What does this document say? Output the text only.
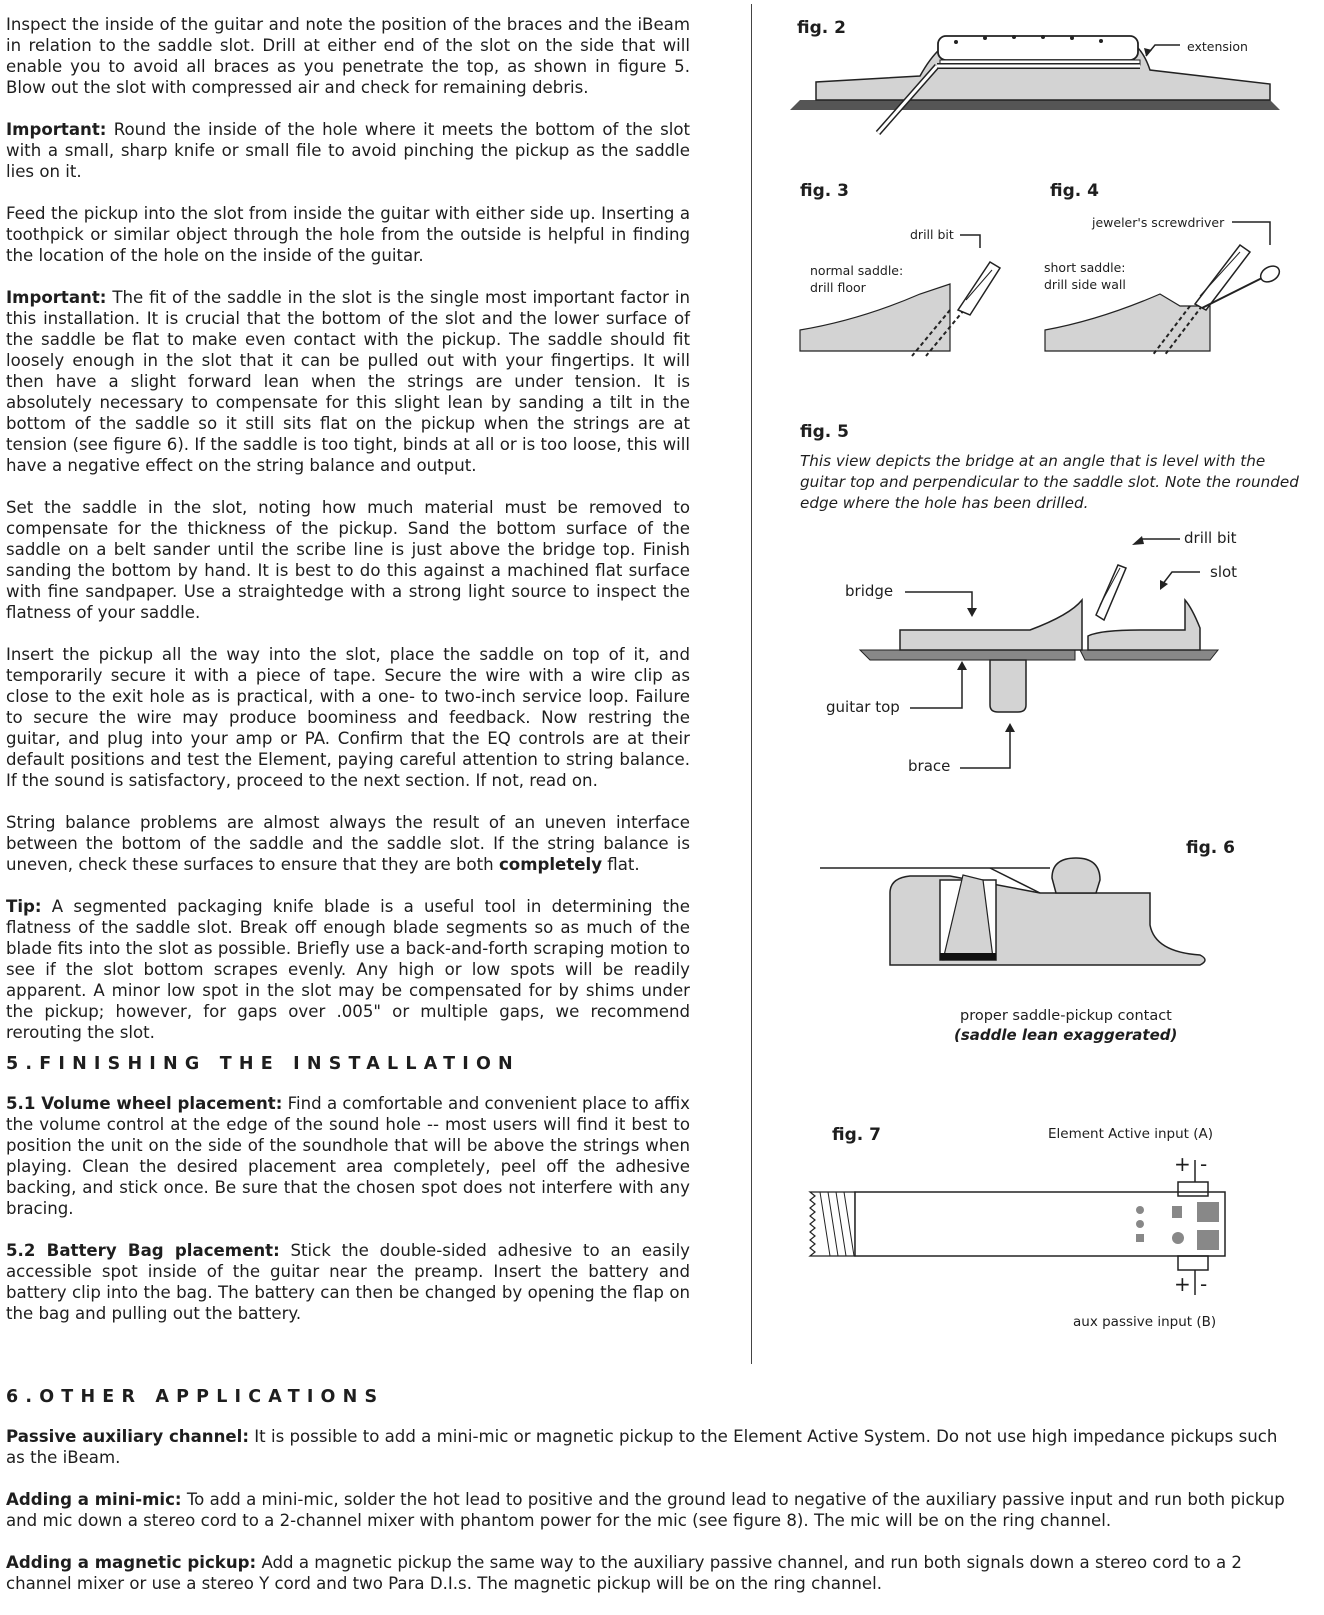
Inspect the inside of the guitar and note the position of the braces and the iBeam in relation to the saddle slot. Drill at either end of the slot on the side that will enable you to avoid all braces as you penetrate the top, as shown in figure 5. Blow out the slot with compressed air and check for remaining debris.

Important: Round the inside of the hole where it meets the bottom of the slot with a small, sharp knife or small file to avoid pinching the pickup as the saddle lies on it.

Feed the pickup into the slot from inside the guitar with either side up. Inserting a toothpick or similar object through the hole from the outside is helpful in finding the location of the hole on the inside of the guitar.

Important: The fit of the saddle in the slot is the single most important factor in this installation. It is crucial that the bottom of the slot and the lower surface of the saddle be flat to make even contact with the pickup. The saddle should fit loosely enough in the slot that it can be pulled out with your fingertips. It will then have a slight forward lean when the strings are under tension. It is absolutely necessary to compensate for this slight lean by sanding a tilt in the bottom of the saddle so it still sits flat on the pickup when the strings are at tension (see figure 6). If the saddle is too tight, binds at all or is too loose, this will have a negative effect on the string balance and output.

Set the saddle in the slot, noting how much material must be removed to compensate for the thickness of the pickup. Sand the bottom surface of the saddle on a belt sander until the scribe line is just above the bridge top. Finish sanding the bottom by hand. It is best to do this against a machined flat surface with fine sandpaper. Use a straightedge with a strong light source to inspect the flatness of your saddle.

Insert the pickup all the way into the slot, place the saddle on top of it, and temporarily secure it with a piece of tape. Secure the wire with a wire clip as close to the exit hole as is practical, with a one- to two-inch service loop. Failure to secure the wire may produce boominess and feedback. Now restring the guitar, and plug into your amp or PA. Confirm that the EQ controls are at their default positions and test the Element, paying careful attention to string balance. If the sound is satisfactory, proceed to the next section. If not, read on.

String balance problems are almost always the result of an uneven interface between the bottom of the saddle and the saddle slot. If the string balance is uneven, check these surfaces to ensure that they are both completely flat.

Tip: A segmented packaging knife blade is a useful tool in determining the flatness of the saddle slot. Break off enough blade segments so as much of the blade fits into the slot as possible. Briefly use a back-and-forth scraping motion to see if the slot bottom scrapes evenly. Any high or low spots will be readily apparent. A minor low spot in the slot may be compensated for by shims under the pickup; however, for gaps over .005" or multiple gaps, we recommend rerouting the slot.

5.FINISHING THE INSTALLATION

5.1 Volume wheel placement: Find a comfortable and convenient place to affix the volume control at the edge of the sound hole -- most users will find it best to position the unit on the side of the soundhole that will be above the strings when playing. Clean the desired placement area completely, peel off the adhesive backing, and stick once. Be sure that the chosen spot does not interfere with any bracing.

5.2 Battery Bag placement: Stick the double-sided adhesive to an easily accessible spot inside of the guitar near the preamp. Insert the battery and battery clip into the bag. The battery can then be changed by opening the flap on the bag and pulling out the battery.

fig. 2
extension
fig. 3
drill bit
normal saddle:
drill floor
fig. 4
jeweler's screwdriver
short saddle:
drill side wall
fig. 5
This view depicts the bridge at an angle that is level with the guitar top and perpendicular to the saddle slot. Note the rounded edge where the hole has been drilled.
drill bit
slot
bridge
guitar top
brace
fig. 6
proper saddle-pickup contact
(saddle lean exaggerated)
fig. 7	Element Active input (A)
+ -
+ -
aux passive input (B)
6.OTHER APPLICATIONS

Passive auxiliary channel: It is possible to add a mini-mic or magnetic pickup to the Element Active System. Do not use high impedance pickups such as the iBeam.

Adding a mini-mic: To add a mini-mic, solder the hot lead to positive and the ground lead to negative of the auxiliary passive input and run both pickup and mic down a stereo cord to a 2-channel mixer with phantom power for the mic (see figure 8). The mic will be on the ring channel.

Adding a magnetic pickup: Add a magnetic pickup the same way to the auxiliary passive channel, and run both signals down a stereo cord to a 2 channel mixer or use a stereo Y cord and two Para D.I.s. The magnetic pickup will be on the ring channel.
